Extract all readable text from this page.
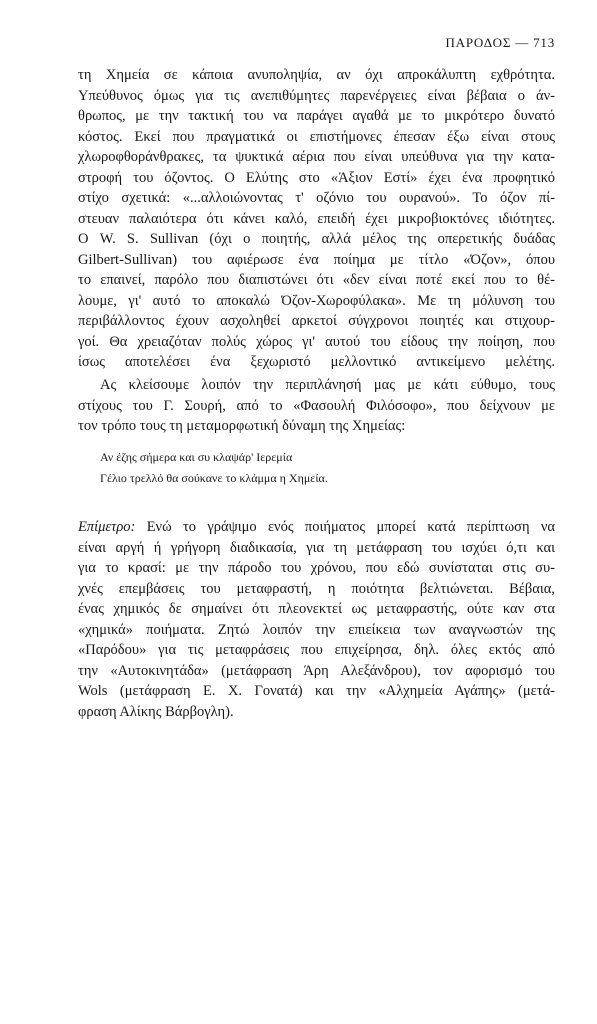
ΠΑΡΟΔΟΣ — 713
τη Χημεία σε κάποια ανυποληψία, αν όχι απροκάλυπτη εχθρότητα.
Υπεύθυνος όμως για τις ανεπιθύμητες παρενέργειες είναι βέβαια ο άν-
θρωπος, με την τακτική του να παράγει αγαθά με το μικρότερο δυνατό
κόστος. Εκεί που πραγματικά οι επιστήμονες έπεσαν έξω είναι στους
χλωροφθοράνθρακες, τα ψυκτικά αέρια που είναι υπεύθυνα για την κατα-
στροφή του όζοντος. Ο Ελύτης στο «Άξιον Εστί» έχει ένα προφητικό
στίχο σχετικά: «...αλλοιώνοντας τ' οζόνιο του ουρανού». Το όζον πί-
στευαν παλαιότερα ότι κάνει καλό, επειδή έχει μικροβιοκτόνες ιδιότητες.
Ο W. S. Sullivan (όχι ο ποιητής, αλλά μέλος της οπερετικής δυάδας
Gilbert-Sullivan) του αφιέρωσε ένα ποίημα με τίτλο «Όζον», όπου
το επαινεί, παρόλο που διαπιστώνει ότι «δεν είναι ποτέ εκεί που το θέ-
λουμε, γι' αυτό το αποκαλώ Όζον-Χωροφύλακα». Με τη μόλυνση του
περιβάλλοντος έχουν ασχοληθεί αρκετοί σύγχρονοι ποιητές και στιχουρ-
γοί. Θα χρειαζόταν πολύς χώρος γι' αυτού του είδους την ποίηση, που
ίσως αποτελέσει ένα ξεχωριστό μελλοντικό αντικείμενο μελέτης.
Ας κλείσουμε λοιπόν την περιπλάνησή μας με κάτι εύθυμο, τους
στίχους του Γ. Σουρή, από το «Φασουλή Φιλόσοφο», που δείχνουν με
τον τρόπο τους τη μεταμορφωτική δύναμη της Χημείας:
Αν έζης σήμερα και συ κλαψάρ' Ιερεμία
Γέλιο τρελλό θα σούκανε το κλάμμα η Χημεία.
Επίμετρο: Ενώ το γράψιμο ενός ποιήματος μπορεί κατά περίπτωση να
είναι αργή ή γρήγορη διαδικασία, για τη μετάφραση του ισχύει ό,τι και
για το κρασί: με την πάροδο του χρόνου, που εδώ συνίσταται στις συ-
χνές επεμβάσεις του μεταφραστή, η ποιότητα βελτιώνεται. Βέβαια,
ένας χημικός δε σημαίνει ότι πλεονεκτεί ως μεταφραστής, ούτε καν στα
«χημικά» ποιήματα. Ζητώ λοιπόν την επιείκεια των αναγνωστών της
«Παρόδου» για τις μεταφράσεις που επιχείρησα, δηλ. όλες εκτός από
την «Αυτοκινητάδα» (μετάφραση Άρη Αλεξάνδρου), τον αφορισμό του
Wols (μετάφραση Ε. Χ. Γονατά) και την «Αλχημεία Αγάπης» (μετά-
φραση Αλίκης Βάρβογλη).
